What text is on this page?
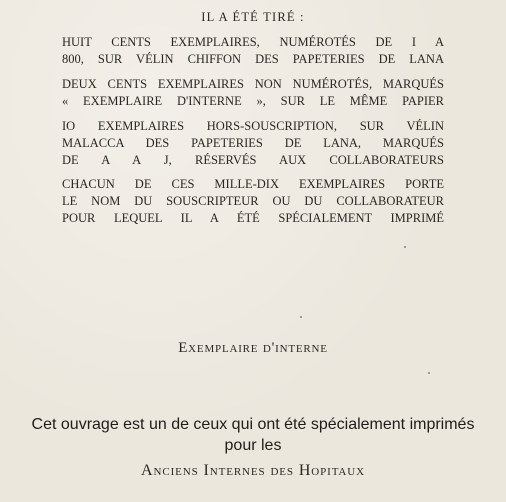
IL A ÉTÉ TIRÉ :
HUIT CENTS EXEMPLAIRES, NUMÉROTÉS DE I A
800, SUR VÉLIN CHIFFON DES PAPETERIES DE LANA
DEUX CENTS EXEMPLAIRES NON NUMÉROTÉS, MARQUÉS
« EXEMPLAIRE D'INTERNE », SUR LE MÊME PAPIER
IO EXEMPLAIRES HORS-SOUSCRIPTION, SUR VÉLIN
MALACCA DES PAPETERIES DE LANA, MARQUÉS
DE A A J, RÉSERVÉS AUX COLLABORATEURS
CHACUN DE CES MILLE-DIX EXEMPLAIRES PORTE
LE NOM DU SOUSCRIPTEUR OU DU COLLABORATEUR
POUR LEQUEL IL A ÉTÉ SPÉCIALEMENT IMPRIMÉ
Exemplaire d'interne
Cet ouvrage est un de ceux qui ont été spécialement imprimés
pour les
Anciens Internes des Hopitaux
